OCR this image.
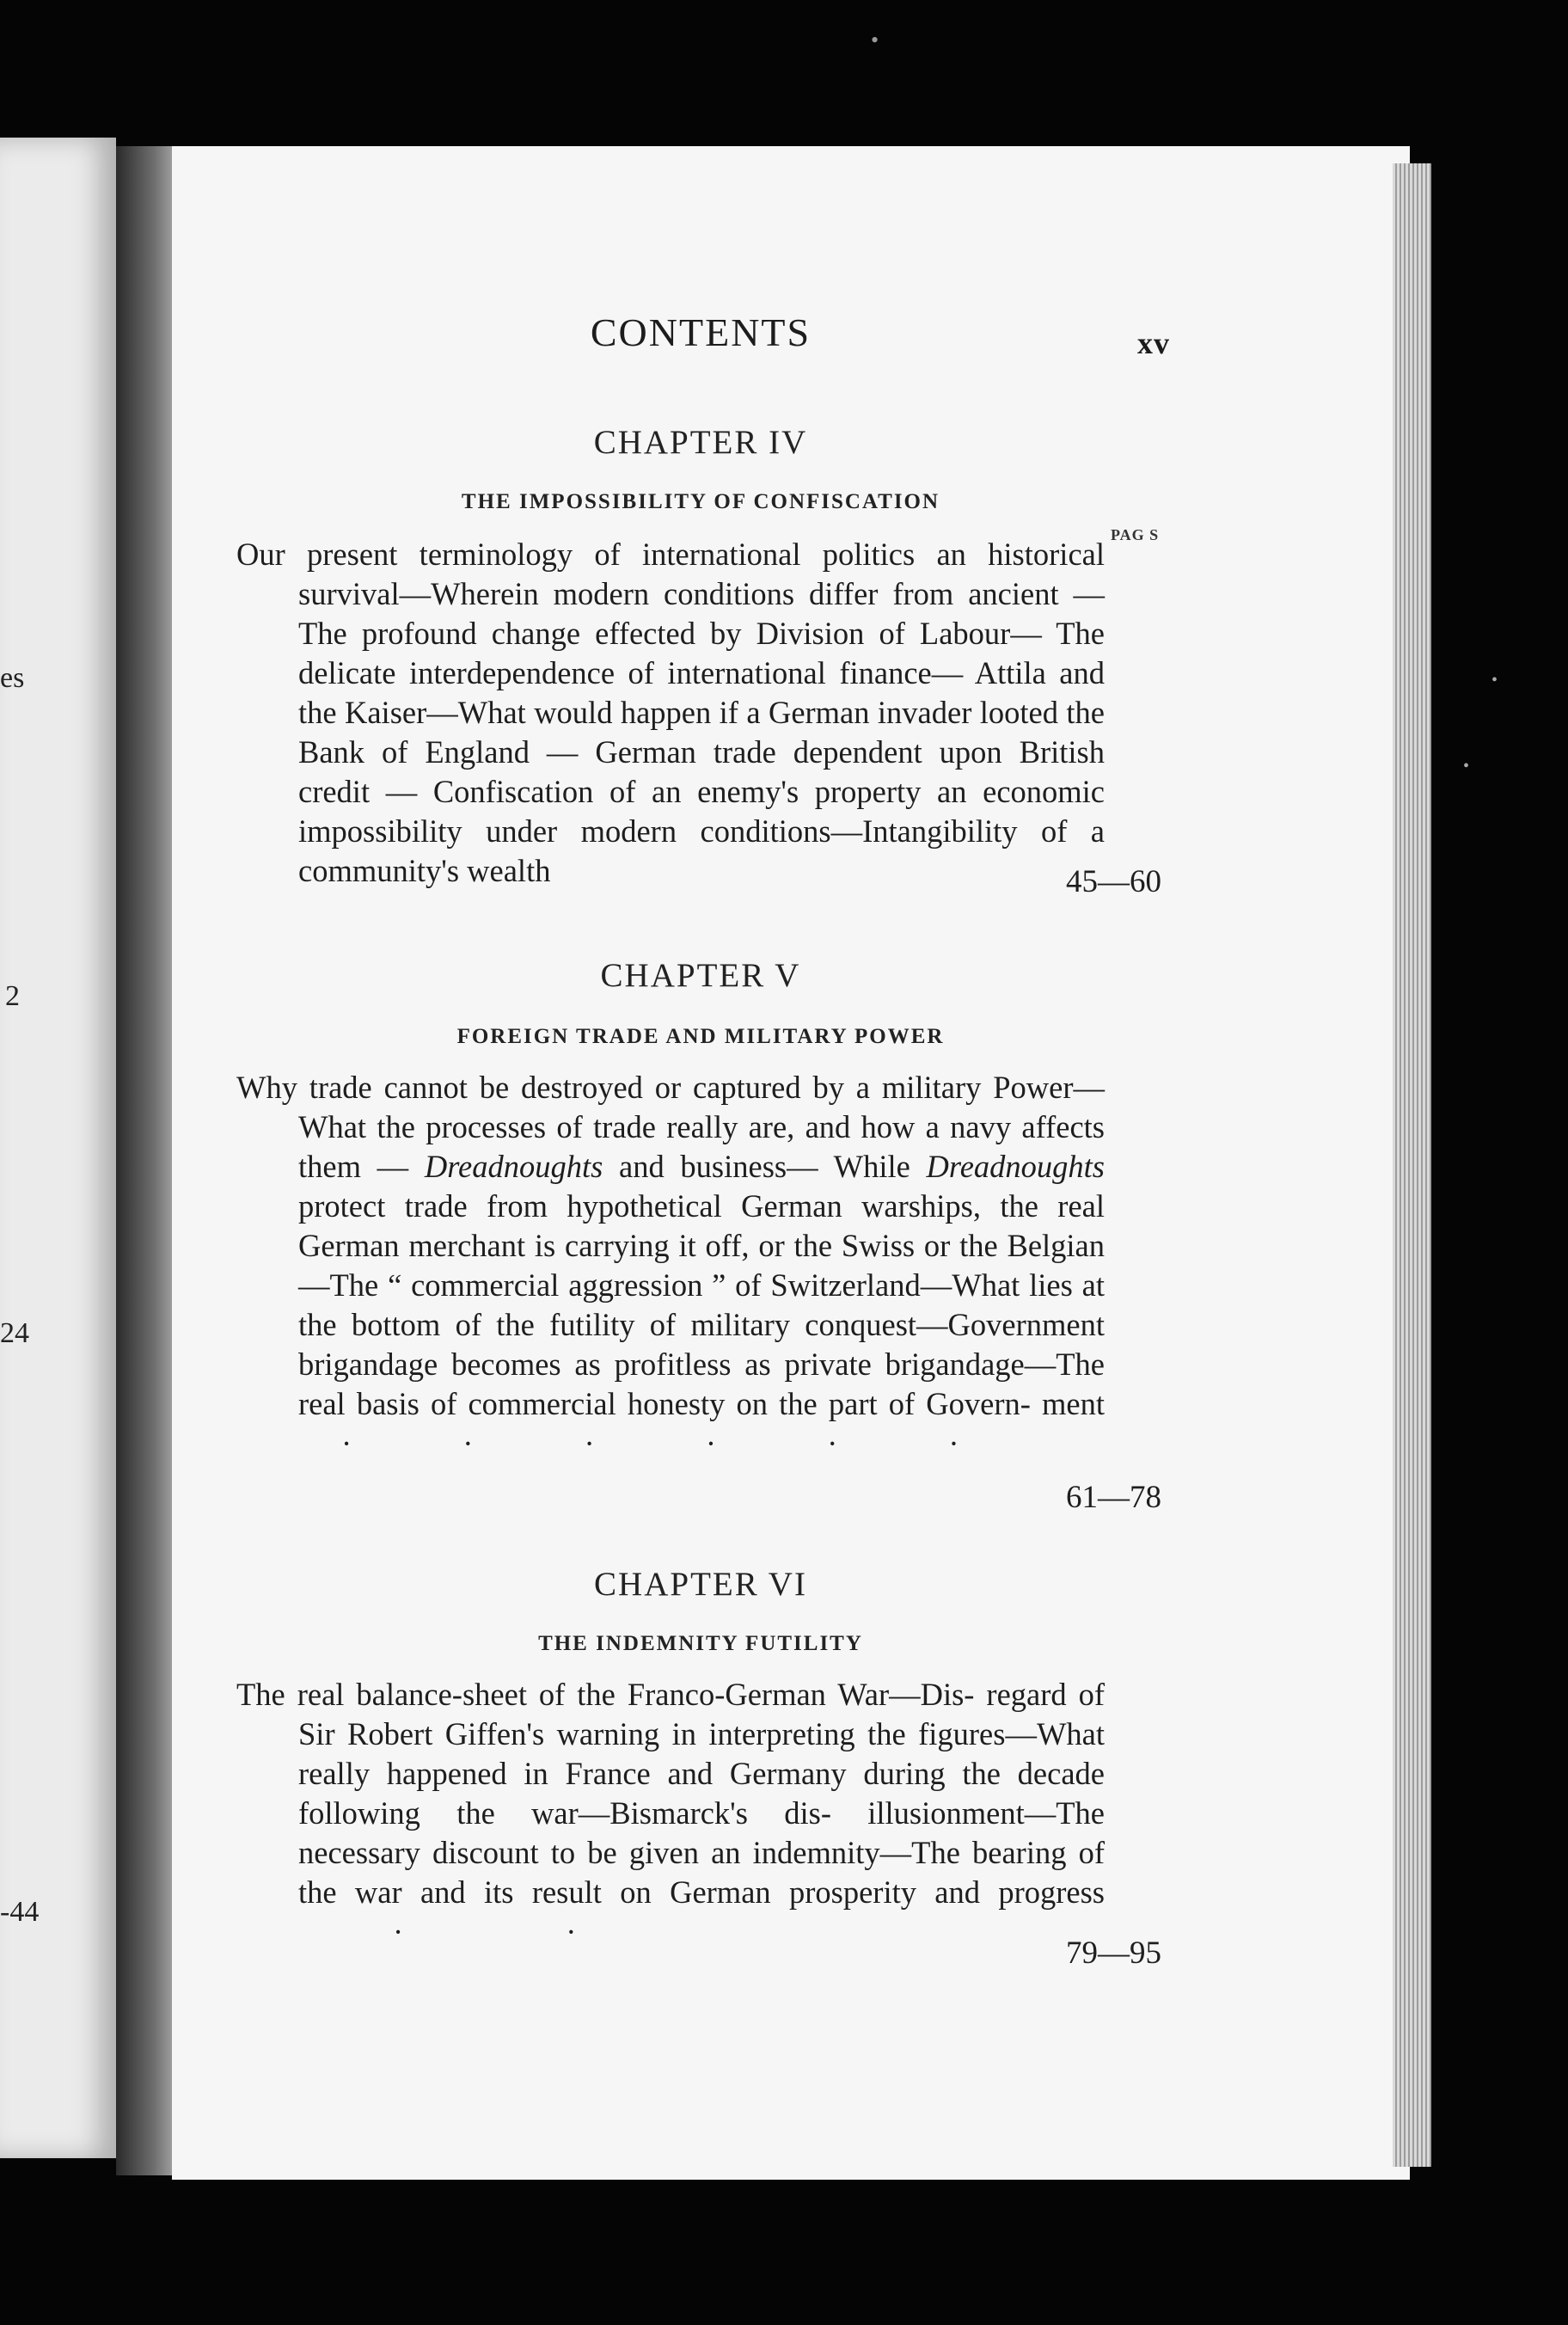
es
2
24
-44
CONTENTS	xv
CHAPTER IV
THE IMPOSSIBILITY OF CONFISCATION
PAG S
Our present terminology of international politics an historical survival—Wherein modern conditions differ from ancient —The profound change effected by Division of Labour— The delicate interdependence of international finance— Attila and the Kaiser—What would happen if a German invader looted the Bank of England — German trade dependent upon British credit — Confiscation of an enemy's property an economic impossibility under modern conditions—Intangibility of a community's wealth	45—60
CHAPTER V
FOREIGN TRADE AND MILITARY POWER
Why trade cannot be destroyed or captured by a military Power—What the processes of trade really are, and how a navy affects them — Dreadnoughts and business— While Dreadnoughts protect trade from hypothetical German warships, the real German merchant is carrying it off, or the Swiss or the Belgian—The “ commercial aggression ” of Switzerland—What lies at the bottom of the futility of military conquest—Government brigandage becomes as profitless as private brigandage—The real basis of commercial honesty on the part of Govern- ment · · · · · ·
61—78
CHAPTER VI
THE INDEMNITY FUTILITY
The real balance-sheet of the Franco-German War—Dis- regard of Sir Robert Giffen's warning in interpreting the figures—What really happened in France and Germany during the decade following the war—Bismarck's dis- illusionment—The necessary discount to be given an indemnity—The bearing of the war and its result on German prosperity and progress · ·
79—95
•
•
•
